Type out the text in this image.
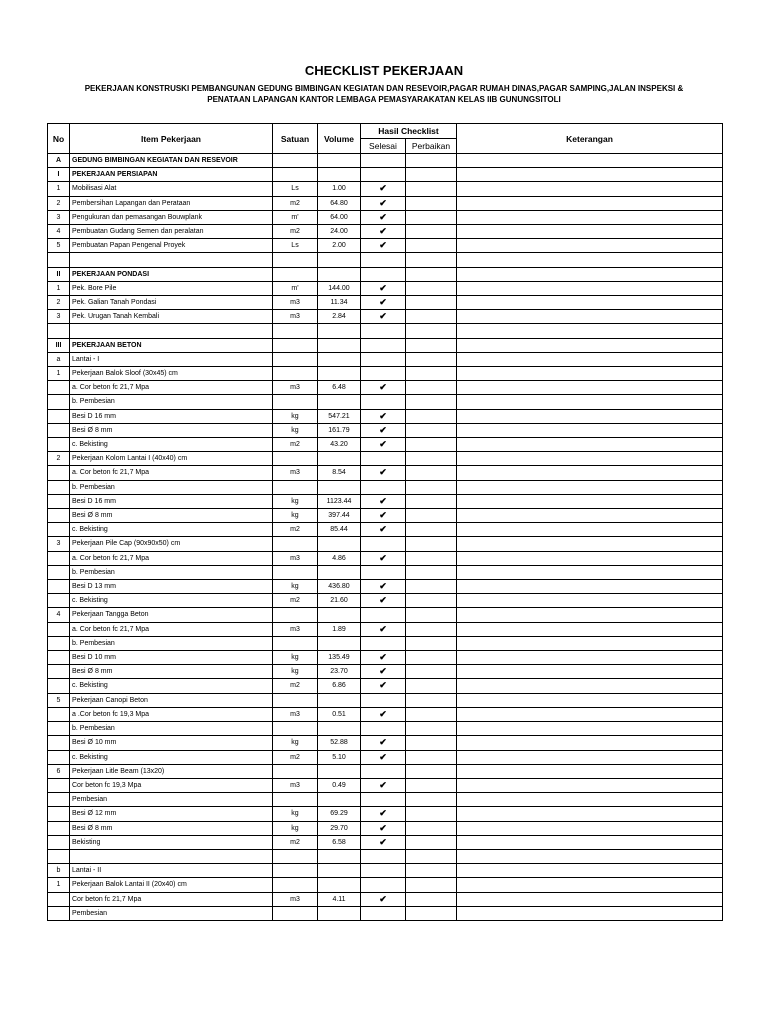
CHECKLIST PEKERJAAN
PEKERJAAN KONSTRUSKI PEMBANGUNAN GEDUNG BIMBINGAN KEGIATAN DAN RESEVOIR,PAGAR RUMAH DINAS,PAGAR SAMPING,JALAN INSPEKSI &
PENATAAN LAPANGAN KANTOR LEMBAGA PEMASYARAKATAN KELAS IIB GUNUNGSITOLI
No	Item Pekerjaan	Satuan	Volume	Hasil Checklist		Keterangan
				Selesai	Perbaikan	
A	GEDUNG BIMBINGAN KEGIATAN DAN RESEVOIR					
I	PEKERJAAN PERSIAPAN					
1	Mobilisasi Alat	Ls	1.00	✔		
2	Pembersihan Lapangan dan Perataan	m2	64.80	✔		
3	Pengukuran dan pemasangan Bouwplank	m'	64.00	✔		
4	Pembuatan Gudang Semen dan peralatan	m2	24.00	✔		
5	Pembuatan Papan Pengenal Proyek	Ls	2.00	✔		

II	PEKERJAAN PONDASI					
1	Pek. Bore Pile	m'	144.00	✔		
2	Pek. Galian Tanah Pondasi	m3	11.34	✔		
3	Pek. Urugan Tanah Kembali	m3	2.84	✔		

III	PEKERJAAN BETON					
a	Lantai - I					
1	Pekerjaan Balok Sloof (30x45) cm					
	a. Cor beton fc 21,7 Mpa	m3	6.48	✔		
	b. Pembesian					
	Besi D 16 mm	kg	547.21	✔		
	Besi Ø 8 mm	kg	161.79	✔		
	c. Bekisting	m2	43.20	✔		
2	Pekerjaan Kolom Lantai I (40x40) cm					
	a. Cor beton fc 21,7 Mpa	m3	8.54	✔		
	b. Pembesian					
	Besi D 16 mm	kg	1123.44	✔		
	Besi Ø 8 mm	kg	397.44	✔		
	c. Bekisting	m2	85.44	✔		
3	Pekerjaan Pile Cap (90x90x50) cm					
	a. Cor beton fc 21,7 Mpa	m3	4.86	✔		
	b. Pembesian					
	Besi D 13 mm	kg	436.80	✔		
	c. Bekisting	m2	21.60	✔		
4	Pekerjaan Tangga Beton					
	a. Cor beton fc 21,7 Mpa	m3	1.89	✔		
	b. Pembesian					
	Besi D 10 mm	kg	135.49	✔		
	Besi Ø 8 mm	kg	23.70	✔		
	c. Bekisting	m2	6.86	✔		
5	Pekerjaan Canopi Beton					
	a .Cor beton fc 19,3 Mpa	m3	0.51	✔		
	b. Pembesian					
	Besi Ø 10 mm	kg	52.88	✔		
	c. Bekisting	m2	5.10	✔		
6	Pekerjaan Litle Beam (13x20)					
	Cor beton fc 19,3 Mpa	m3	0.49	✔		
	Pembesian					
	Besi Ø 12 mm	kg	69.29	✔		
	Besi Ø 8 mm	kg	29.70	✔		
	Bekisting	m2	6.58	✔		

b	Lantai - II					
1	Pekerjaan Balok Lantai II (20x40) cm					
	Cor beton fc 21,7 Mpa	m3	4.11	✔		
	Pembesian					
